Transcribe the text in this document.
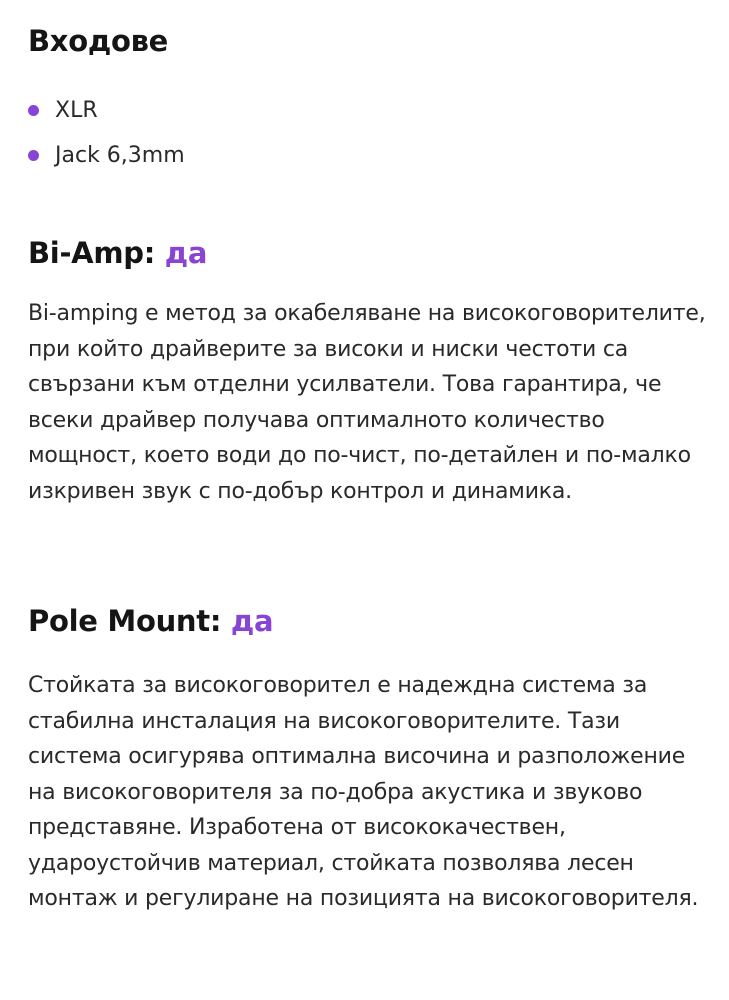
Входове
XLR
Jack 6,3mm
Bi-Amp: да

Bi-amping е метод за окабеляване на високоговорителите, при който драйверите за високи и ниски честоти са свързани към отделни усилватели. Това гарантира, че всеки драйвер получава оптималното количество мощност, което води до по-чист, по-детайлен и по-малко изкривен звук с по-добър контрол и динамика.

Pole Mount: да

Стойката за високоговорител е надеждна система за стабилна инсталация на високоговорителите. Тази система осигурява оптимална височина и разположение на високоговорителя за по-добра акустика и звуково представяне. Изработена от висококачествен, удароустойчив материал, стойката позволява лесен монтаж и регулиране на позицията на високоговорителя.
